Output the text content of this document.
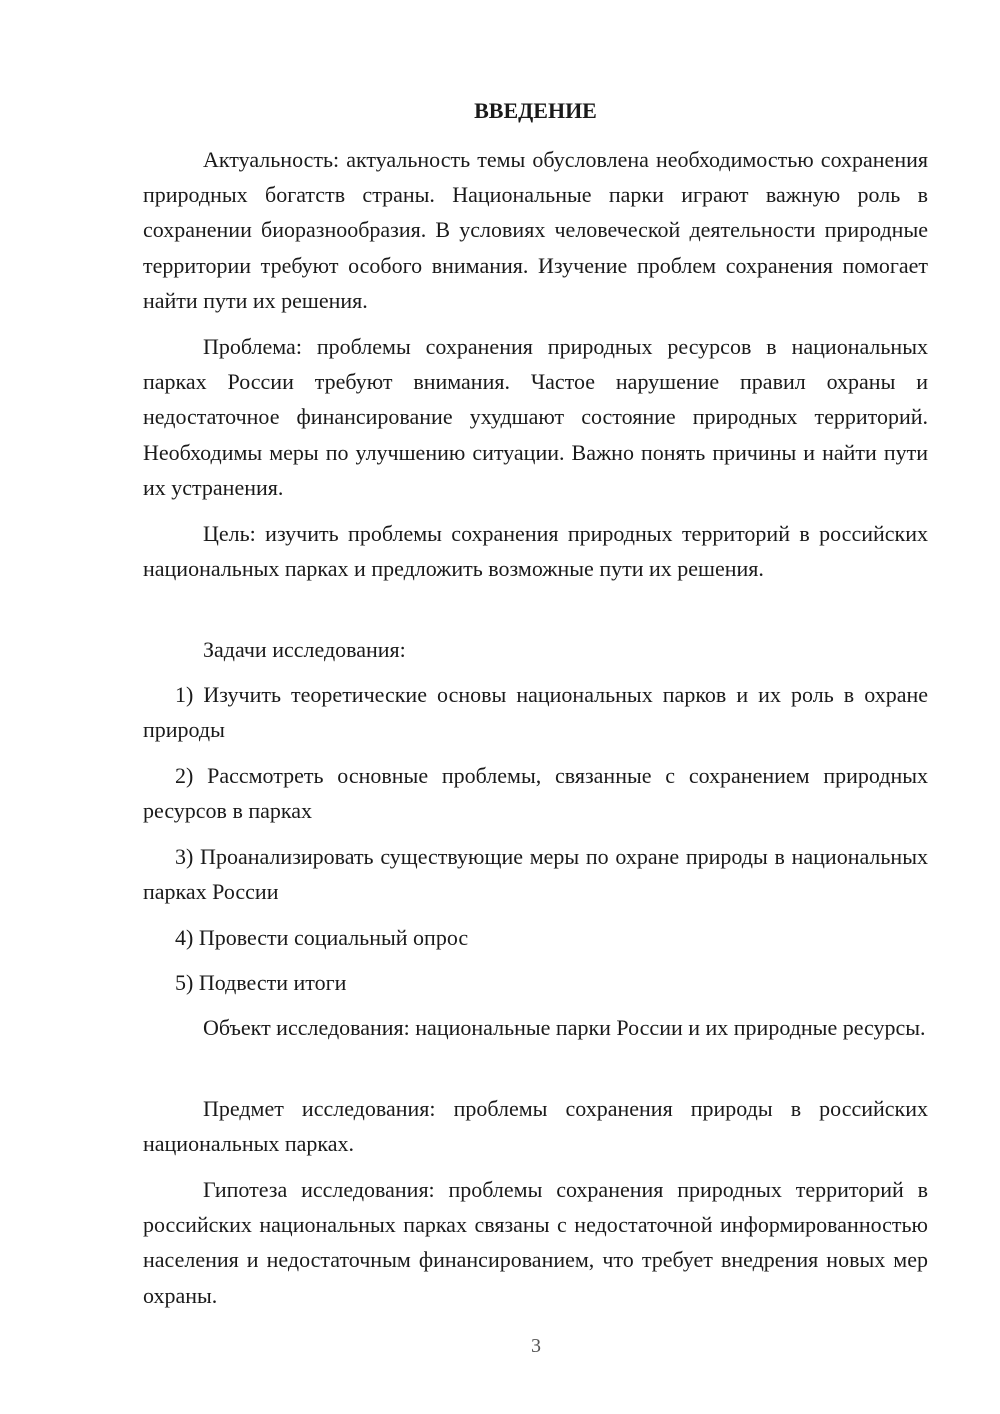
ВВЕДЕНИЕ

Актуальность: актуальность темы обусловлена необходимостью сохранения природных богатств страны. Национальные парки играют важную роль в сохранении биоразнообразия. В условиях человеческой деятельности природные территории требуют особого внимания. Изучение проблем сохранения помогает найти пути их решения.

Проблема: проблемы сохранения природных ресурсов в национальных парках России требуют внимания. Частое нарушение правил охраны и недостаточное финансирование ухудшают состояние природных территорий. Необходимы меры по улучшению ситуации. Важно понять причины и найти пути их устранения.

Цель: изучить проблемы сохранения природных территорий в российских национальных парках и предложить возможные пути их решения.

Задачи исследования:

1) Изучить теоретические основы национальных парков и их роль в охране природы

2) Рассмотреть основные проблемы, связанные с сохранением природных ресурсов в парках

3) Проанализировать существующие меры по охране природы в национальных парках России

4) Провести социальный опрос

5) Подвести итоги

Объект исследования: национальные парки России и их природные ресурсы.

Предмет исследования: проблемы сохранения природы в российских национальных парках.

Гипотеза исследования: проблемы сохранения природных территорий в российских национальных парках связаны с недостаточной информированностью населения и недостаточным финансированием, что требует внедрения новых мер охраны.

3
